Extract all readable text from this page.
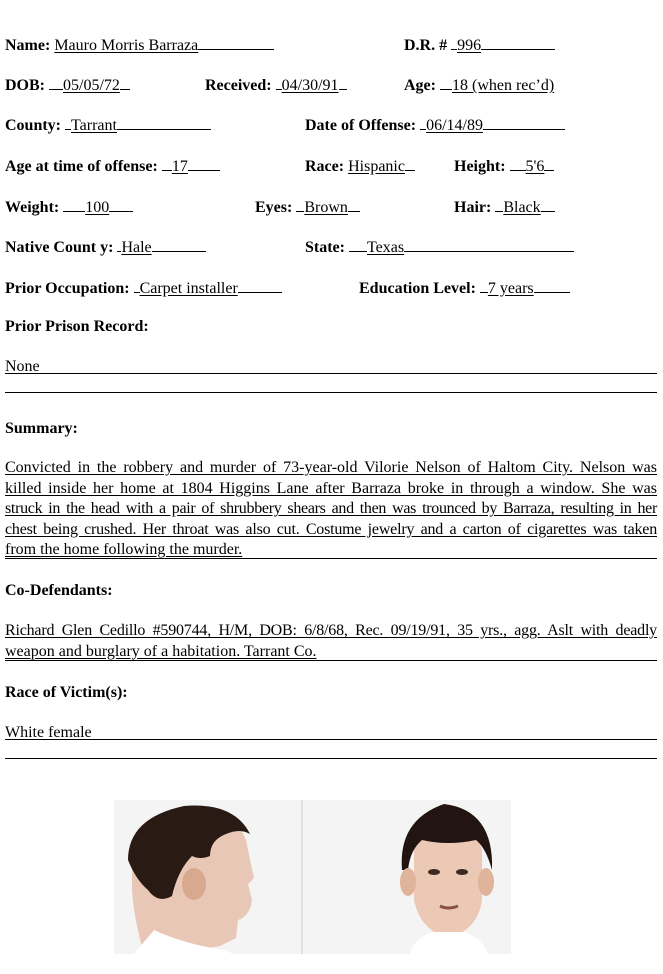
Name: Mauro Morris Barraza	D.R. # 996
DOB: 05/05/72	Received: 04/30/91	Age: 18 (when rec’d)
County: Tarrant	Date of Offense: 06/14/89
Age at time of offense: 17	Race: Hispanic	Height: 5'6
Weight: 100	Eyes: Brown	Hair: Black
Native Count y: Hale	State: Texas
Prior Occupation: Carpet installer	Education Level: 7 years
Prior Prison Record:
None
Summary:
Convicted in the robbery and murder of 73-year-old Vilorie Nelson of Haltom City. Nelson was
killed inside her home at 1804 Higgins Lane after Barraza broke in through a window. She was
struck in the head with a pair of shrubbery shears and then was trounced by Barraza, resulting in her
chest being crushed. Her throat was also cut. Costume jewelry and a carton of cigarettes was taken
from the home following the murder.
Co-Defendants:
Richard Glen Cedillo #590744, H/M, DOB: 6/8/68, Rec. 09/19/91, 35 yrs., agg. Aslt with deadly
weapon and burglary of a habitation. Tarrant Co.
Race of Victim(s):
White female
